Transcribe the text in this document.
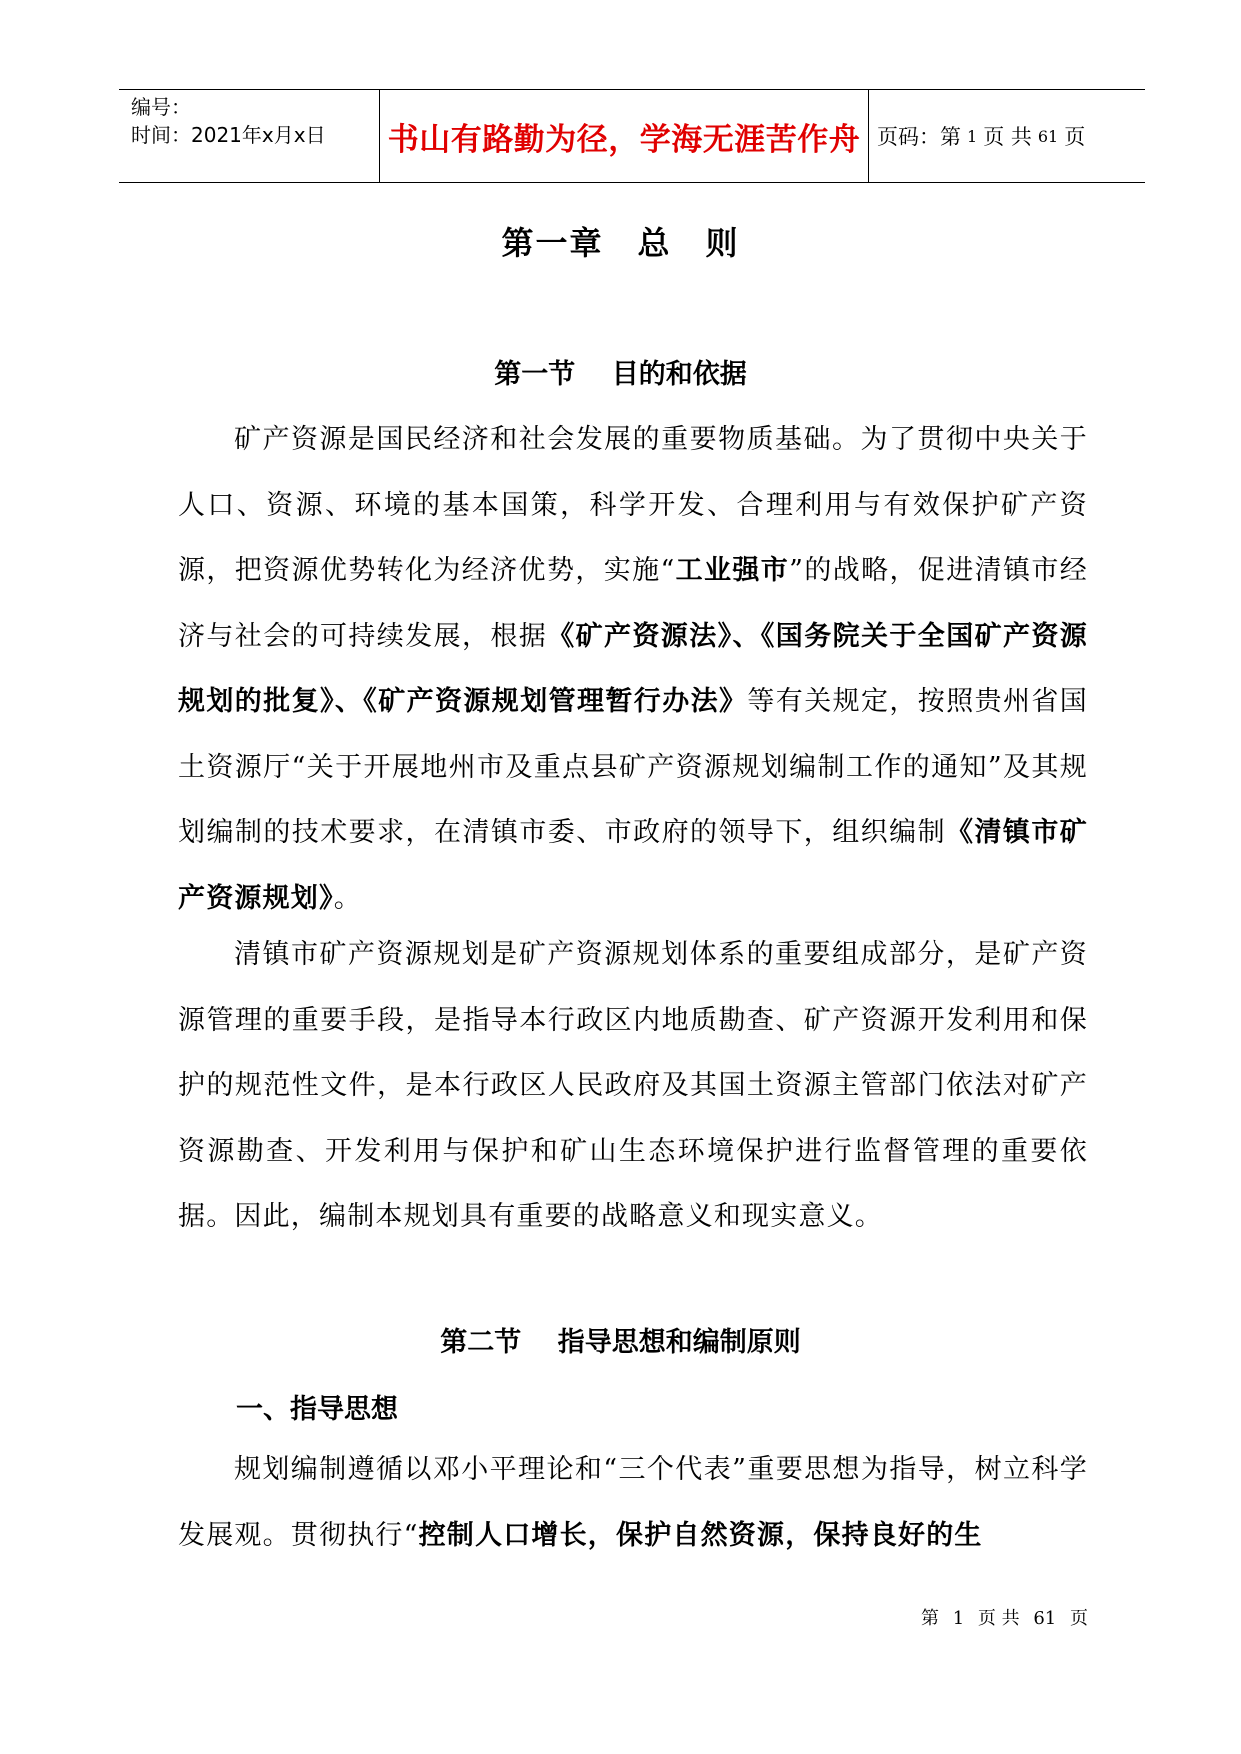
编号：
时间：2021年x月x日	书山有路勤为径，学海无涯苦作舟 页码：第 1 页 共 61 页
第一章　总　则
第一节　 目的和依据

矿产资源是国民经济和社会发展的重要物质基础。为了贯彻中央关于人口、资源、环境的基本国策，科学开发、合理利用与有效保护矿产资源，把资源优势转化为经济优势，实施“工业强市”的战略，促进清镇市经济与社会的可持续发展，根据《矿产资源法》、《国务院关于全国矿产资源规划的批复》、《矿产资源规划管理暂行办法》等有关规定，按照贵州省国土资源厅“关于开展地州市及重点县矿产资源规划编制工作的通知”及其规划编制的技术要求，在清镇市委、市政府的领导下，组织编制《清镇市矿产资源规划》。

清镇市矿产资源规划是矿产资源规划体系的重要组成部分，是矿产资源管理的重要手段，是指导本行政区内地质勘查、矿产资源开发利用和保护的规范性文件，是本行政区人民政府及其国土资源主管部门依法对矿产资源勘查、开发利用与保护和矿山生态环境保护进行监督管理的重要依据。因此，编制本规划具有重要的战略意义和现实意义。

第二节　 指导思想和编制原则
一、指导思想

规划编制遵循以邓小平理论和“三个代表”重要思想为指导，树立科学发展观。贯彻执行“控制人口增长，保护自然资源，保持良好的生

第 1 页 共 61 页
